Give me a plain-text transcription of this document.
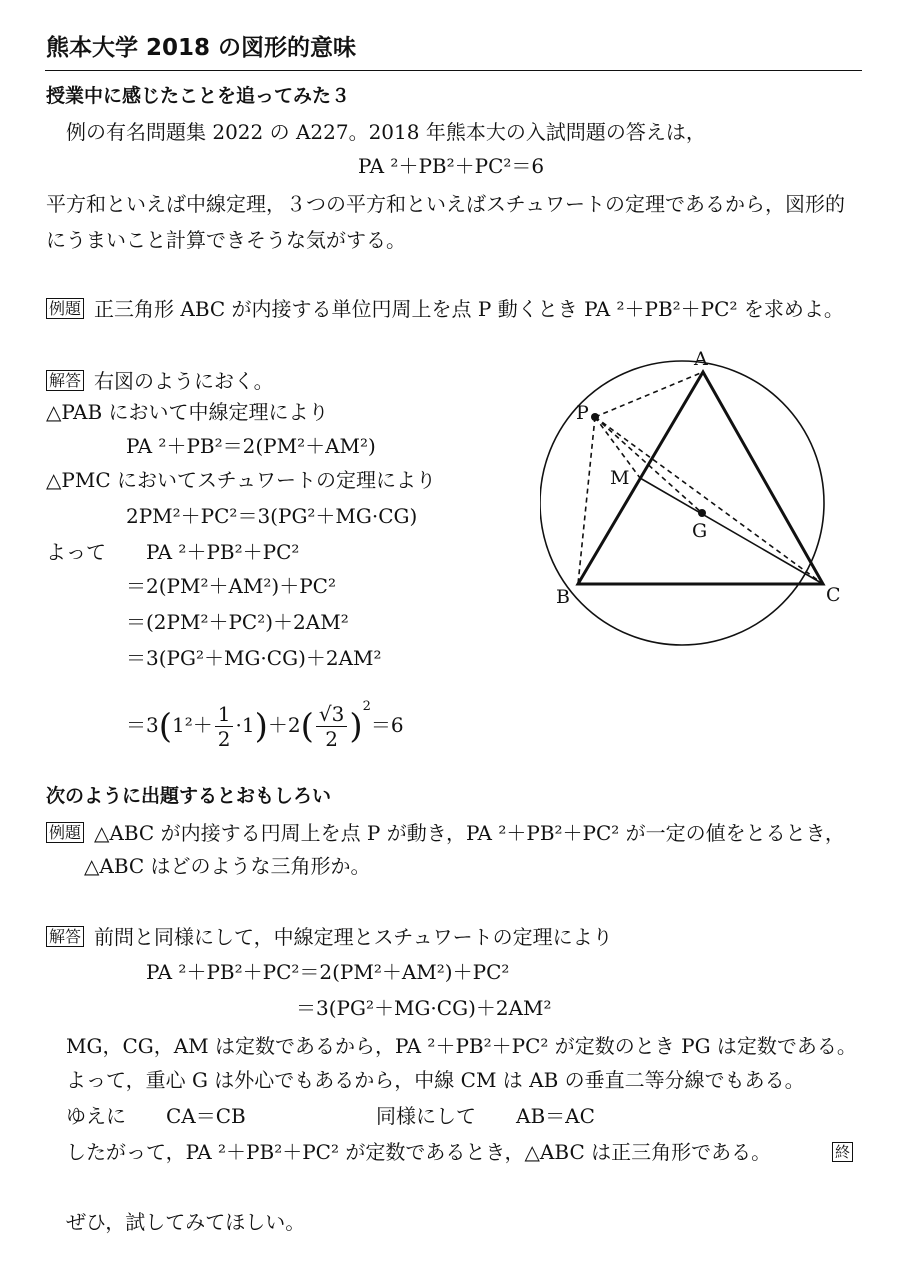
熊本大学 2018 の図形的意味
授業中に感じたことを追ってみた３
例の有名問題集 2022 の A227。2018 年熊本大の入試問題の答えは，
PA ²＋PB²＋PC²＝6
平方和といえば中線定理，３つの平方和といえばスチュワートの定理であるから，図形的
にうまいこと計算できそうな気がする。
例題 正三角形 ABC が内接する単位円周上を点 P 動くとき PA ²＋PB²＋PC² を求めよ。
解答 右図のようにおく。
△PAB において中線定理により
PA ²＋PB²＝2(PM²＋AM²)
△PMC においてスチュワートの定理により
2PM²＋PC²＝3(PG²＋MG·CG)
よって PA ²＋PB²＋PC²
＝2(PM²＋AM²)＋PC²
＝(2PM²＋PC²)＋2AM²
＝3(PG²＋MG·CG)＋2AM²
$=3(1^2+ \frac{1}{2} \cdot 1)+2( \frac{√3}{2} )^2=6$
A
B	C
P
M
G
次のように出題するとおもしろい
例題 △ABC が内接する円周上を点 P が動き，PA ²＋PB²＋PC² が一定の値をとるとき，
△ABC はどのような三角形か。
解答 前問と同様にして，中線定理とスチュワートの定理により
PA ²＋PB²＋PC²＝2(PM²＋AM²)＋PC²
＝3(PG²＋MG·CG)＋2AM²
MG，CG，AM は定数であるから，PA ²＋PB²＋PC² が定数のとき PG は定数である。
よって，重心 G は外心でもあるから，中線 CM は AB の垂直二等分線でもある。
ゆえに CA＝CB	同様にして AB＝AC
したがって，PA ²＋PB²＋PC² が定数であるとき，△ABC は正三角形である。	終
ぜひ，試してみてほしい。
